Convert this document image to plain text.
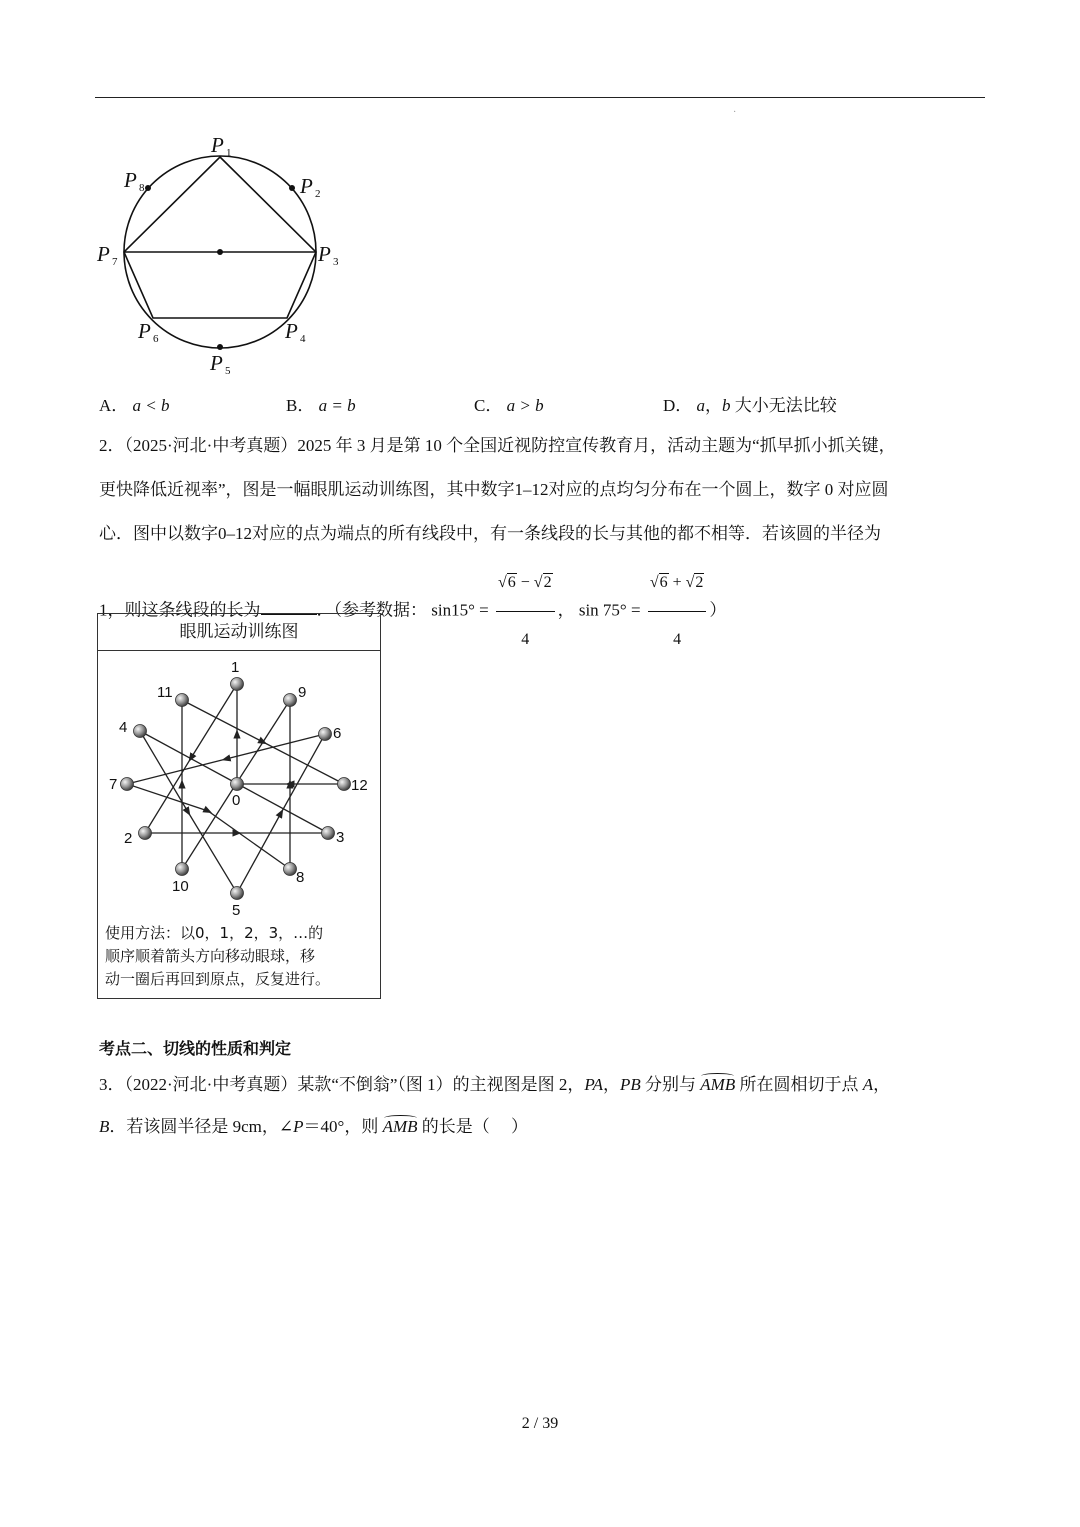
·
P
P
P
P
P
P
P
P
1
2
3
4
5
6
7
8
A． a < b	B． a = b	C． a > b	D． a，b 大小无法比较
2．（2025·河北·中考真题）2025 年 3 月是第 10 个全国近视防控宣传教育月，活动主题为“抓早抓小抓关键，
更快降低近视率”，图是一幅眼肌运动训练图，其中数字1–12对应的点均匀分布在一个圆上，数字 0 对应圆
心．图中以数字0–12对应的点为端点的所有线段中，有一条线段的长与其他的都不相等．若该圆的半径为
1，则这条线段的长为	．（参考数据： $\sin 15^\circ = \frac{√6 - √2}{4}$ ， $\sin 75^\circ = \frac{√6 + √2}{4}$ ）
眼肌运动训练图
0
1
2	3
4
5
6
7
8
9
10
11
12
使用方法：以0，1，2，3，…的
顺序顺着箭头方向移动眼球，移
动一圈后再回到原点，反复进行。
考点二、切线的性质和判定
3．（2022·河北·中考真题）某款“不倒翁”（图 1）的主视图是图 2，PA，PB 分别与 AMB 所在圆相切于点 A，
B．若该圆半径是 9cm，∠P＝40°，则 AMB 的长是（　 ）
2 / 39
